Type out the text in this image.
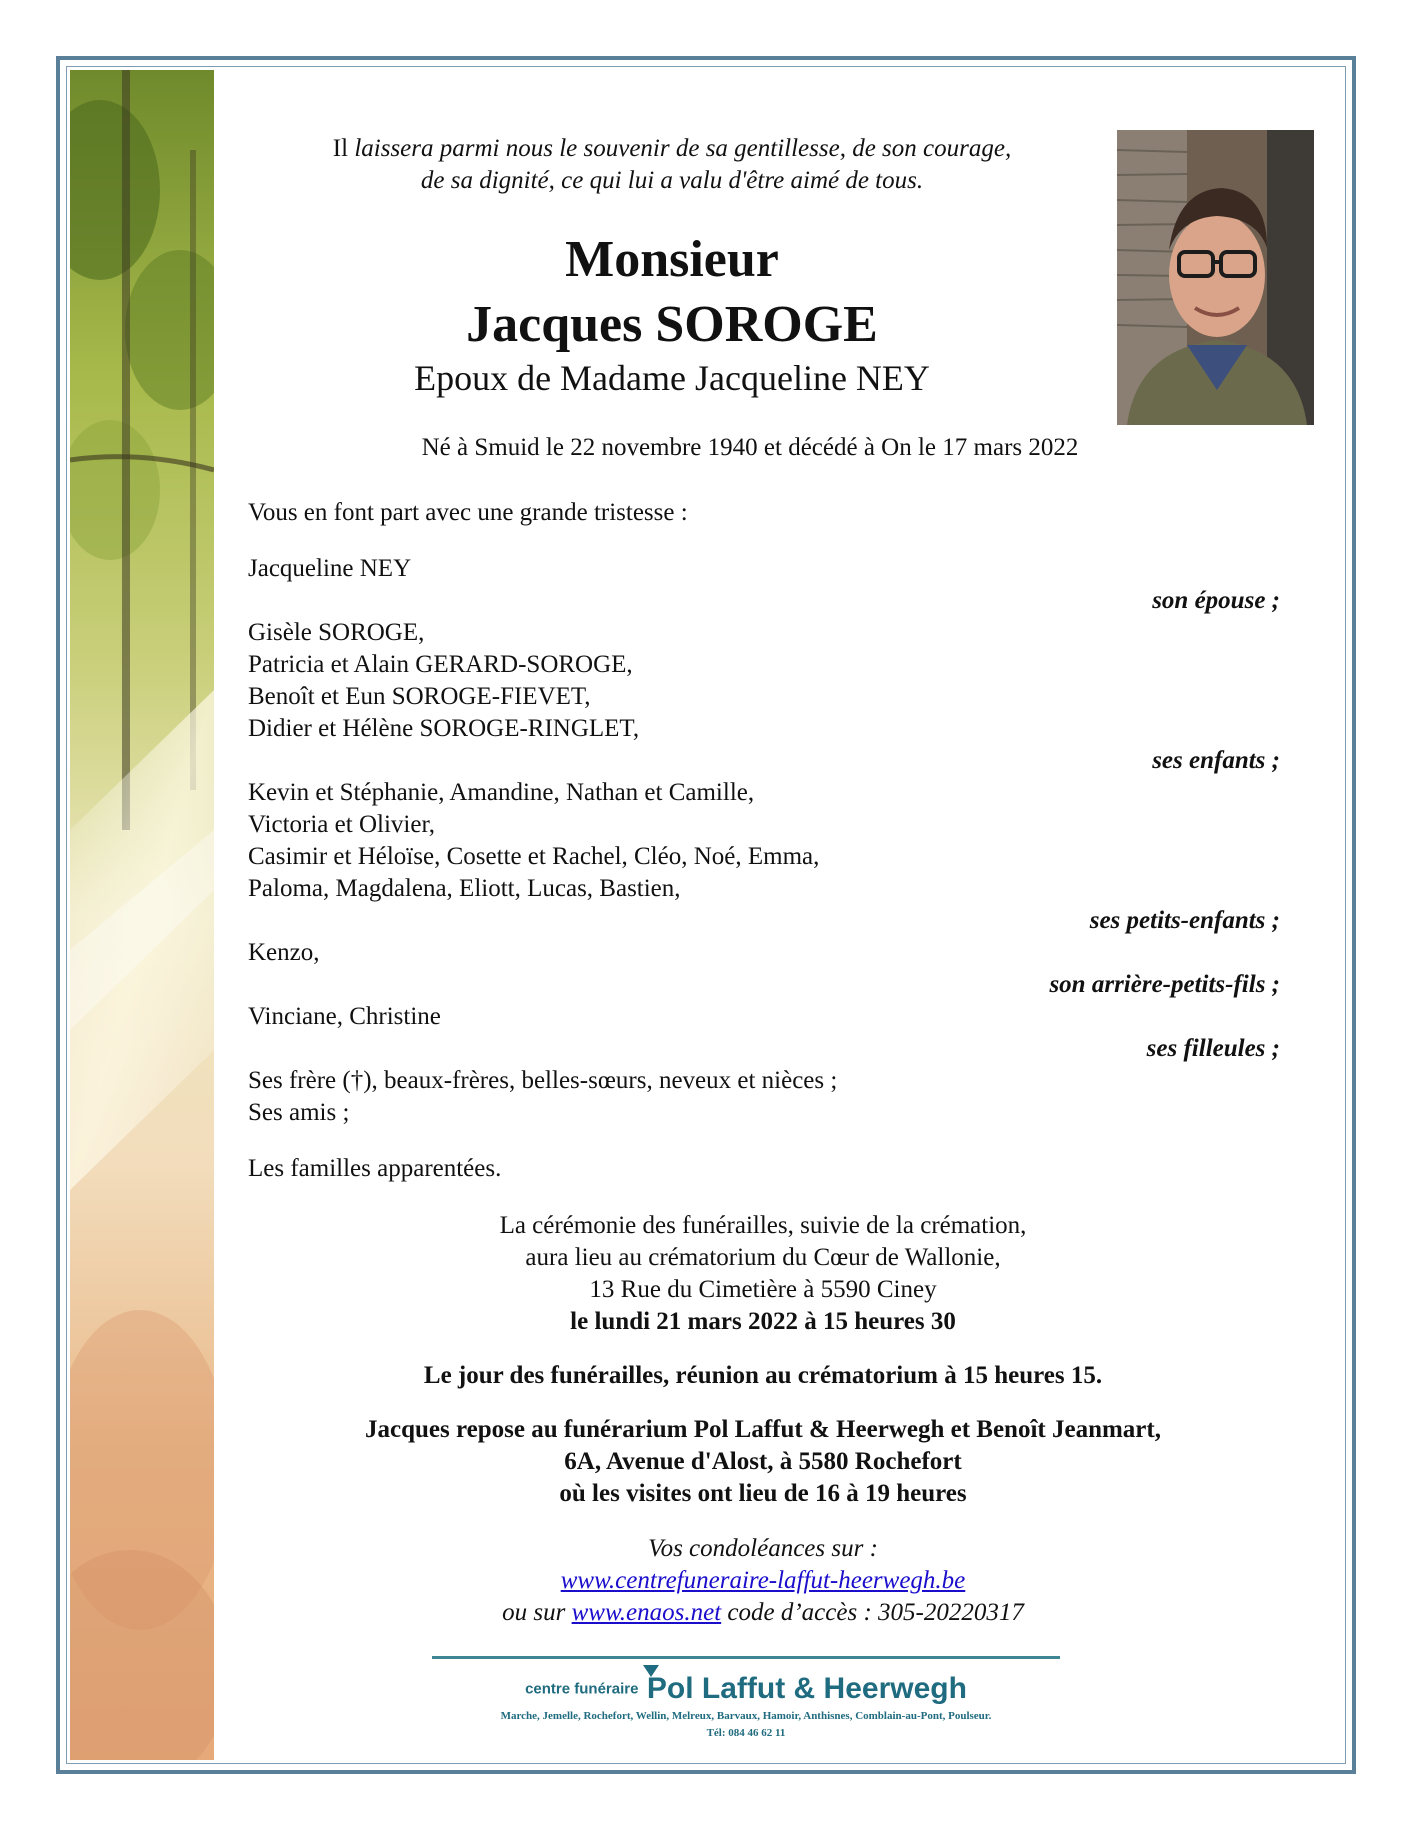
Il laissera parmi nous le souvenir de sa gentillesse, de son courage,
de sa dignité, ce qui lui a valu d'être aimé de tous.
Monsieur
Jacques SOROGE
Epoux de Madame Jacqueline NEY
Né à Smuid le 22 novembre 1940 et décédé à On le 17 mars 2022
Vous en font part avec une grande tristesse :
Jacqueline NEY
son épouse ;
Gisèle SOROGE,
Patricia et Alain GERARD-SOROGE,
Benoît et Eun SOROGE-FIEVET,
Didier et Hélène SOROGE-RINGLET,
ses enfants ;
Kevin et Stéphanie, Amandine, Nathan et Camille,
Victoria et Olivier,
Casimir et Héloïse, Cosette et Rachel, Cléo, Noé, Emma,
Paloma, Magdalena, Eliott, Lucas, Bastien,
ses petits-enfants ;
Kenzo,
son arrière-petits-fils ;
Vinciane, Christine
ses filleules ;
Ses frère (†), beaux-frères, belles-sœurs, neveux et nièces ;
Ses amis ;
Les familles apparentées.
La cérémonie des funérailles, suivie de la crémation,
aura lieu au crématorium du Cœur de Wallonie,
13 Rue du Cimetière à 5590 Ciney
le lundi 21 mars 2022 à 15 heures 30
Le jour des funérailles, réunion au crématorium à 15 heures 15.
Jacques repose au funérarium Pol Laffut & Heerwegh et Benoît Jeanmart,
6A, Avenue d'Alost, à 5580 Rochefort
où les visites ont lieu de 16 à 19 heures
Vos condoléances sur :
www.centrefuneraire-laffut-heerwegh.be
ou sur www.enaos.net code d’accès : 305-20220317
centre funéraire Pol Laffut & Heerwegh
Marche, Jemelle, Rochefort, Wellin, Melreux, Barvaux, Hamoir, Anthisnes, Comblain-au-Pont, Poulseur.
Tél: 084 46 62 11
